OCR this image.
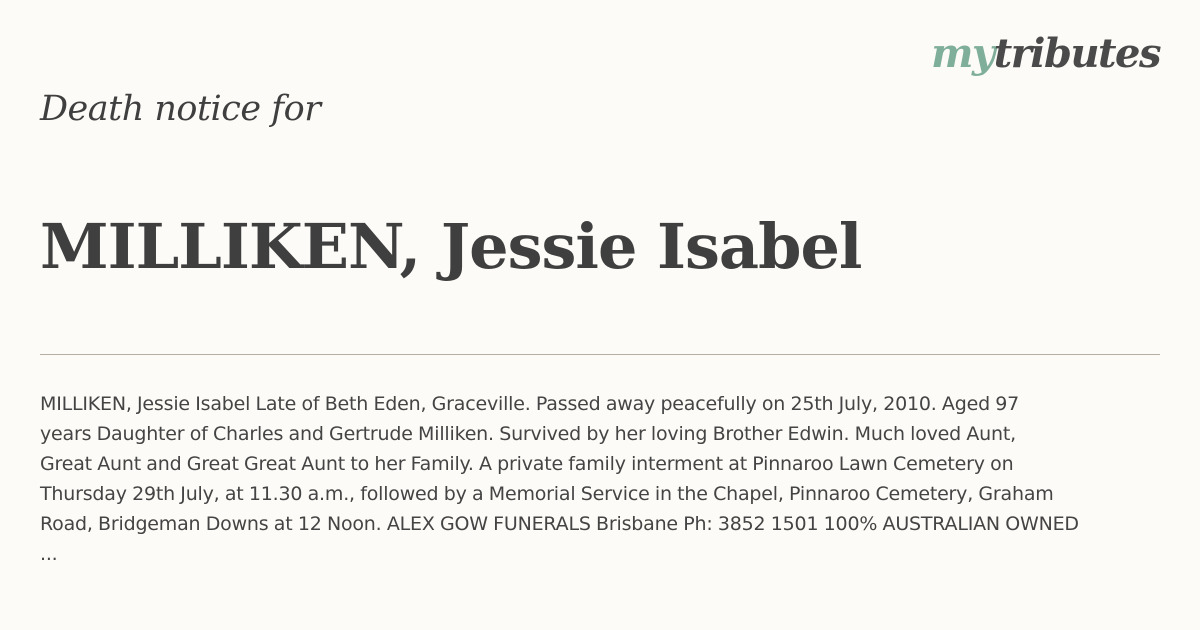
mytributes
Death notice for
MILLIKEN, Jessie Isabel

MILLIKEN, Jessie Isabel Late of Beth Eden, Graceville. Passed away peacefully on 25th July, 2010. Aged 97
years Daughter of Charles and Gertrude Milliken. Survived by her loving Brother Edwin. Much loved Aunt,
Great Aunt and Great Great Aunt to her Family. A private family interment at Pinnaroo Lawn Cemetery on
Thursday 29th July, at 11.30 a.m., followed by a Memorial Service in the Chapel, Pinnaroo Cemetery, Graham
Road, Bridgeman Downs at 12 Noon. ALEX GOW FUNERALS Brisbane Ph: 3852 1501 100% AUSTRALIAN OWNED
...
